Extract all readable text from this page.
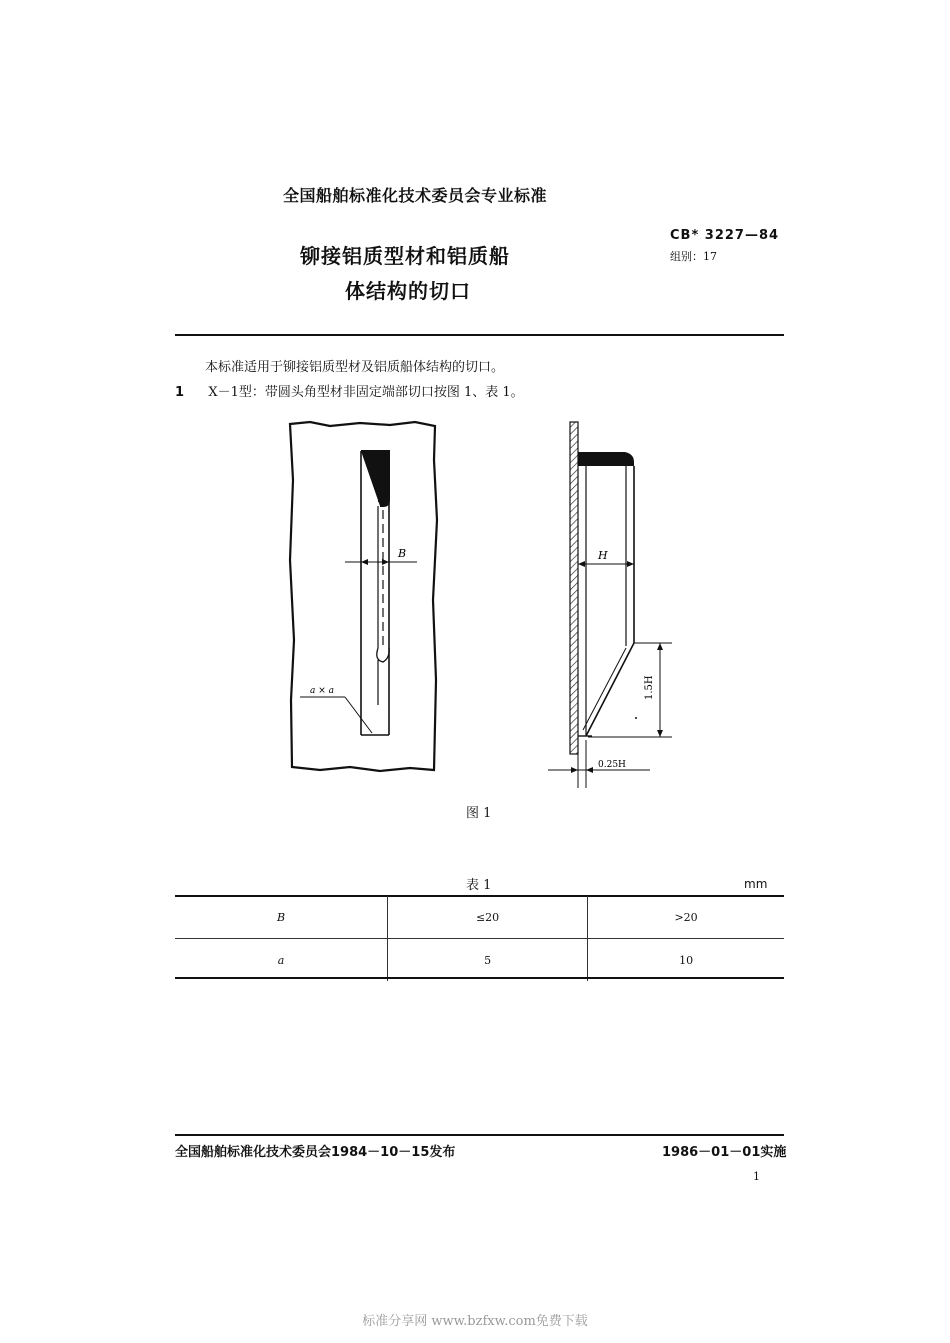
全国船舶标准化技术委员会专业标准
铆接铝质型材和铝质船
体结构的切口
CB* 3227—84
组别：17
本标准适用于铆接铝质型材及铝质船体结构的切口。
1 X－1型：带圆头角型材非固定端部切口按图 1、表 1。
B
a × a
H
1.5H
0.25H
图 1
表 1	mm
B	≤20	>20
a	5	10
全国船舶标准化技术委员会1984－10－15发布	1986－01－01实施
1
标准分享网 www.bzfxw.com免费下载
